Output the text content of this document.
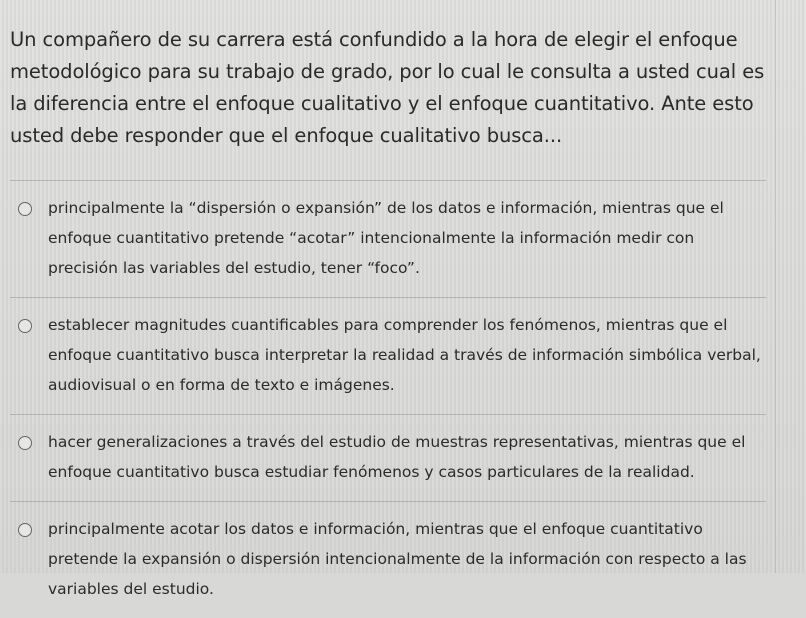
Un compañero de su carrera está confundido a la hora de elegir el enfoque metodológico para su trabajo de grado, por lo cual le consulta a usted cual es la diferencia entre el enfoque cualitativo y el enfoque cuantitativo. Ante esto usted debe responder que el enfoque cualitativo busca...

principalmente la “dispersión o expansión” de los datos e información, mientras que el enfoque cuantitativo pretende “acotar” intencionalmente la información medir con precisión las variables del estudio, tener “foco”.
establecer magnitudes cuantificables para comprender los fenómenos, mientras que el enfoque cuantitativo busca interpretar la realidad a través de información simbólica verbal, audiovisual o en forma de texto e imágenes.
hacer generalizaciones a través del estudio de muestras representativas, mientras que el enfoque cuantitativo busca estudiar fenómenos y casos particulares de la realidad.
principalmente acotar los datos e información, mientras que el enfoque cuantitativo pretende la expansión o dispersión intencionalmente de la información con respecto a las variables del estudio.
